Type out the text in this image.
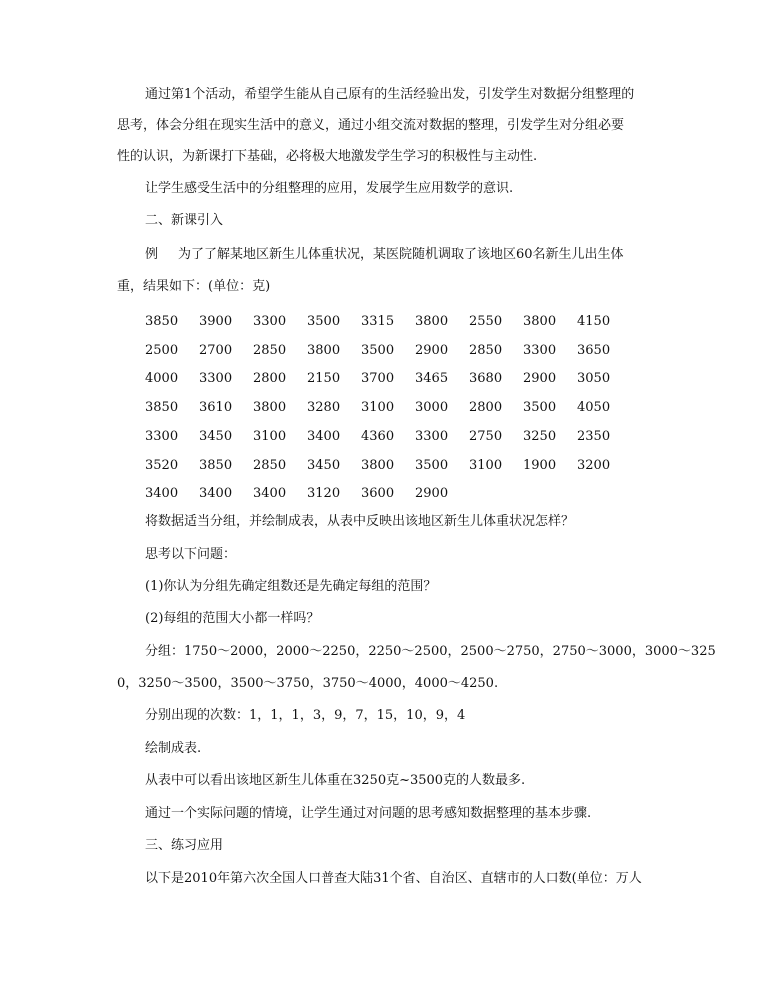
通过第1个活动，希望学生能从自己原有的生活经验出发，引发学生对数据分组整理的
思考，体会分组在现实生活中的意义，通过小组交流对数据的整理，引发学生对分组必要
性的认识，为新课打下基础，必将极大地激发学生学习的积极性与主动性.
让学生感受生活中的分组整理的应用，发展学生应用数学的意识.
二、新课引入
例 为了了解某地区新生儿体重状况，某医院随机调取了该地区60名新生儿出生体
重，结果如下：(单位：克)
3850 3900 3300 3500 3315 3800 2550 3800 4150
2500 2700 2850 3800 3500 2900 2850 3300 3650
4000 3300 2800 2150 3700 3465 3680 2900 3050
3850 3610 3800 3280 3100 3000 2800 3500 4050
3300 3450 3100 3400 4360 3300 2750 3250 2350
3520 3850 2850 3450 3800 3500 3100 1900 3200
3400 3400 3400 3120 3600 2900
将数据适当分组，并绘制成表，从表中反映出该地区新生儿体重状况怎样？
思考以下问题：
(1)你认为分组先确定组数还是先确定每组的范围？
(2)每组的范围大小都一样吗？
分组：1750～2000，2000～2250，2250～2500，2500～2750，2750～3000，3000～325
0，3250～3500，3500～3750，3750～4000，4000～4250.
分别出现的次数：1，1，1，3，9，7，15，10，9，4
绘制成表.
从表中可以看出该地区新生儿体重在3250克~3500克的人数最多.
通过一个实际问题的情境，让学生通过对问题的思考感知数据整理的基本步骤.
三、练习应用
以下是2010年第六次全国人口普查大陆31个省、自治区、直辖市的人口数(单位：万人
